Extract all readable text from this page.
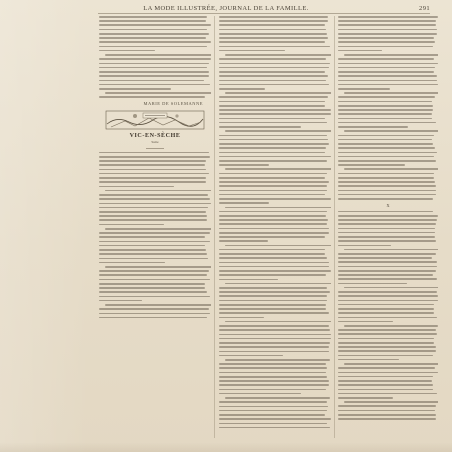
LA MODE ILLUSTRÉE, JOURNAL DE LA FAMILLE.	291
MARIE DE SOLEMANNE
VIC-EN-SÈCHE
Suite
X
